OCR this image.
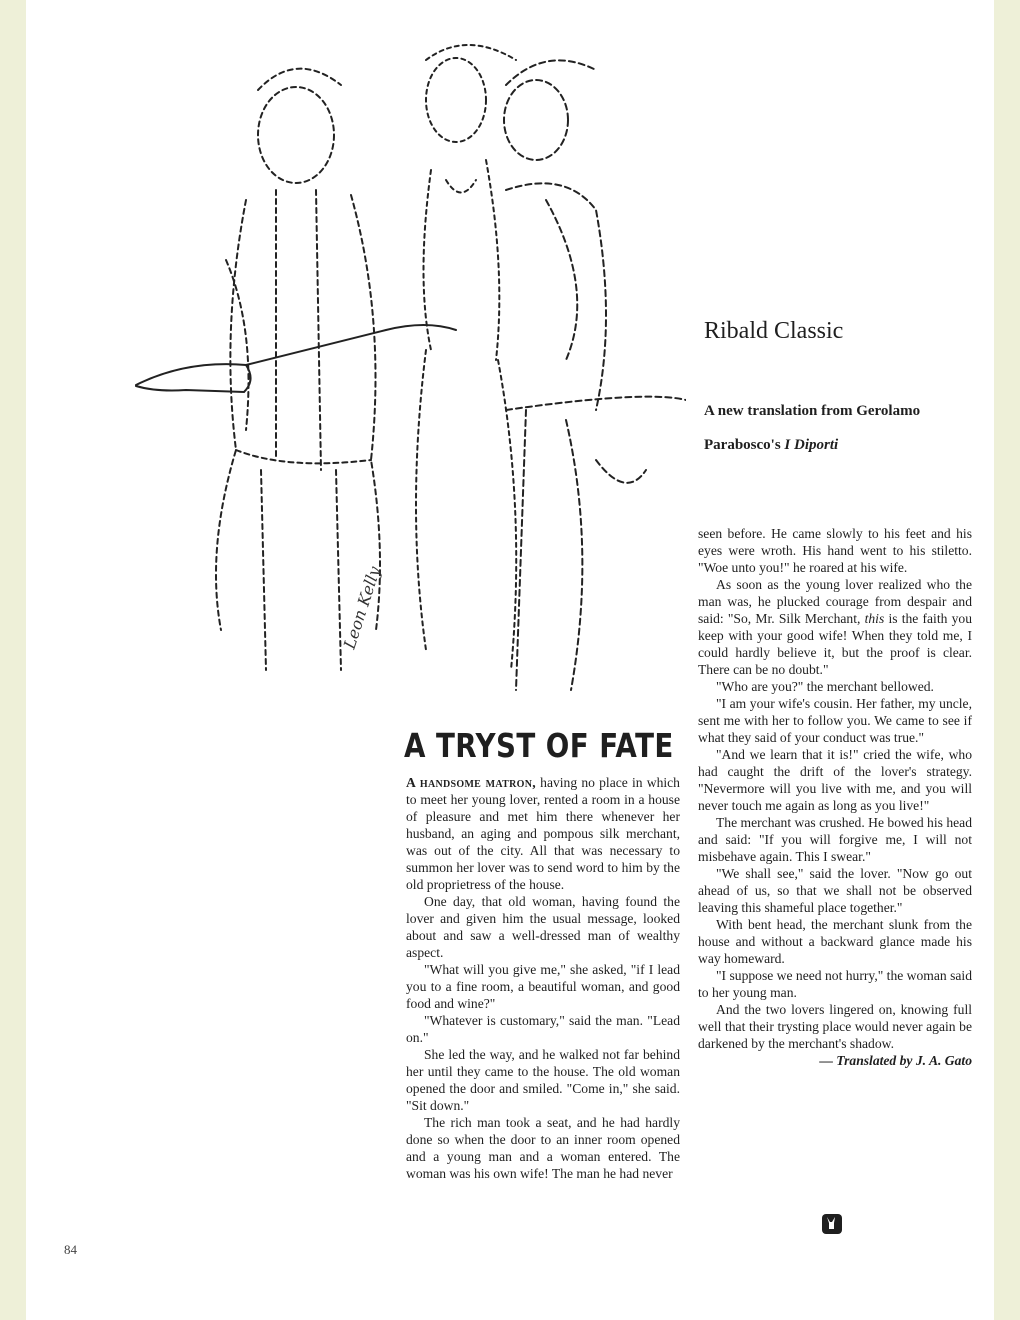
Leon Kelly
Ribald Classic

A new translation from Gerolamo Parabosco's I Diporti

A TRYST OF FATE

A handsome matron, having no place in which to meet her young lover, rented a room in a house of pleasure and met him there whenever her husband, an aging and pompous silk merchant, was out of the city. All that was necessary to summon her lover was to send word to him by the old proprietress of the house.

One day, that old woman, having found the lover and given him the usual message, looked about and saw a well-dressed man of wealthy aspect.

"What will you give me," she asked, "if I lead you to a fine room, a beautiful woman, and good food and wine?"

"Whatever is customary," said the man. "Lead on."

She led the way, and he walked not far behind her until they came to the house. The old woman opened the door and smiled. "Come in," she said. "Sit down."

The rich man took a seat, and he had hardly done so when the door to an inner room opened and a young man and a woman entered. The woman was his own wife! The man he had never

seen before. He came slowly to his feet and his eyes were wroth. His hand went to his stiletto. "Woe unto you!" he roared at his wife.

As soon as the young lover realized who the man was, he plucked courage from despair and said: "So, Mr. Silk Merchant, this is the faith you keep with your good wife! When they told me, I could hardly believe it, but the proof is clear. There can be no doubt."

"Who are you?" the merchant bellowed.

"I am your wife's cousin. Her father, my uncle, sent me with her to follow you. We came to see if what they said of your conduct was true."

"And we learn that it is!" cried the wife, who had caught the drift of the lover's strategy. "Nevermore will you live with me, and you will never touch me again as long as you live!"

The merchant was crushed. He bowed his head and said: "If you will forgive me, I will not misbehave again. This I swear."

"We shall see," said the lover. "Now go out ahead of us, so that we shall not be observed leaving this shameful place together."

With bent head, the merchant slunk from the house and without a backward glance made his way homeward.

"I suppose we need not hurry," the woman said to her young man.

And the two lovers lingered on, knowing full well that their trysting place would never again be darkened by the merchant's shadow.

— Translated by J. A. Gato

84
